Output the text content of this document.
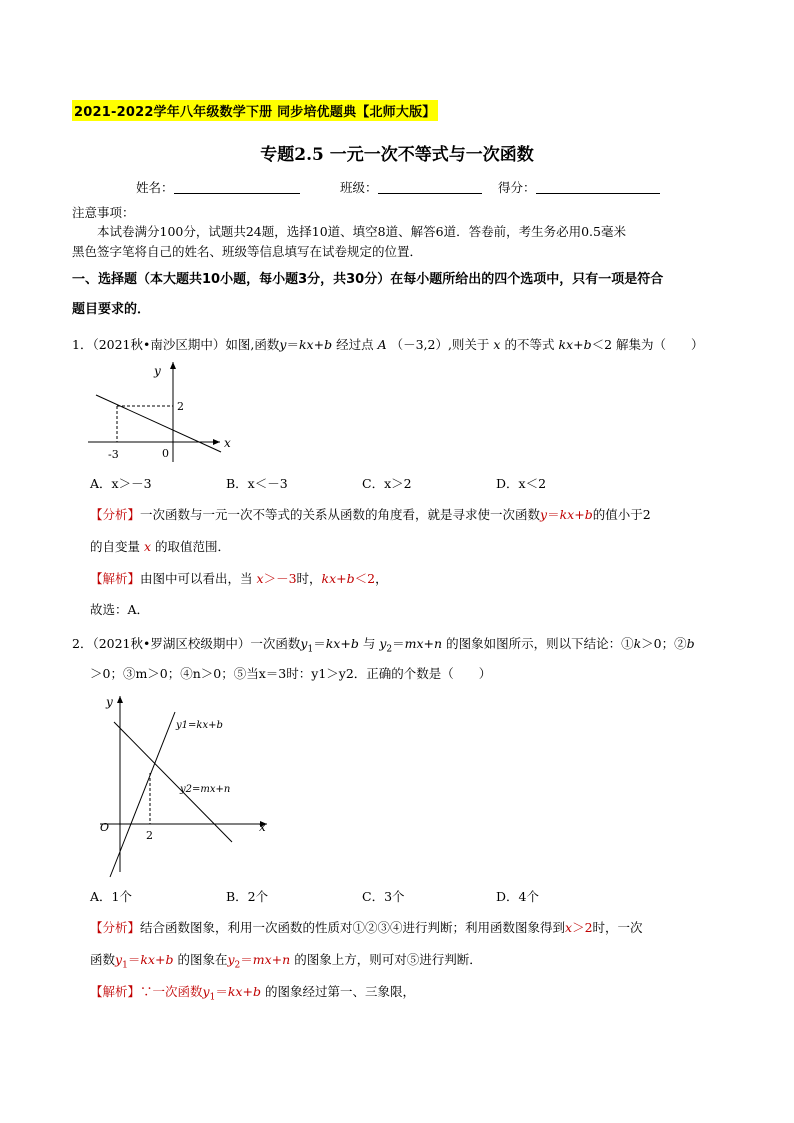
2021-2022学年八年级数学下册 同步培优题典【北师大版】
专题2.5 一元一次不等式与一次函数
姓名：	班级：	得分：
注意事项：
本试卷满分100分，试题共24题，选择10道、填空8道、解答6道．答卷前，考生务必用0.5毫米
黑色签字笔将自己的姓名、班级等信息填写在试卷规定的位置．
一、选择题（本大题共10小题，每小题3分，共30分）在每小题所给出的四个选项中，只有一项是符合
题目要求的．
1．（2021秋•南沙区期中）如图,函数y＝kx+b 经过点 A （－3,2）,则关于 x 的不等式 kx+b＜2 解集为（　　）
y
x
2
-3	0
A．x＞－3	B．x＜－3	C．x＞2	D．x＜2
【分析】一次函数与一元一次不等式的关系从函数的角度看，就是寻求使一次函数y＝kx+b的值小于2
的自变量 x 的取值范围．
【解析】由图中可以看出，当 x＞－3时，kx+b＜2，
故选：A．
2．（2021秋•罗湖区校级期中）一次函数$y_1=kx+b$ 与 $y_2=mx+n$ 的图象如图所示，则以下结论：①k＞0；②b
＞0；③m＞0；④n＞0；⑤当x＝3时：y1＞y2．正确的个数是（　　）
y
x
O
2
y1=kx+b
y2=mx+n
A．1个	B．2个	C．3个	D．4个
【分析】结合函数图象，利用一次函数的性质对①②③④进行判断；利用函数图象得到x＞2时，一次
函数$y_1=kx+b$ 的图象在$y_2=mx+n$ 的图象上方，则可对⑤进行判断．
【解析】∵一次函数$y_1=kx+b$ 的图象经过第一、三象限，
